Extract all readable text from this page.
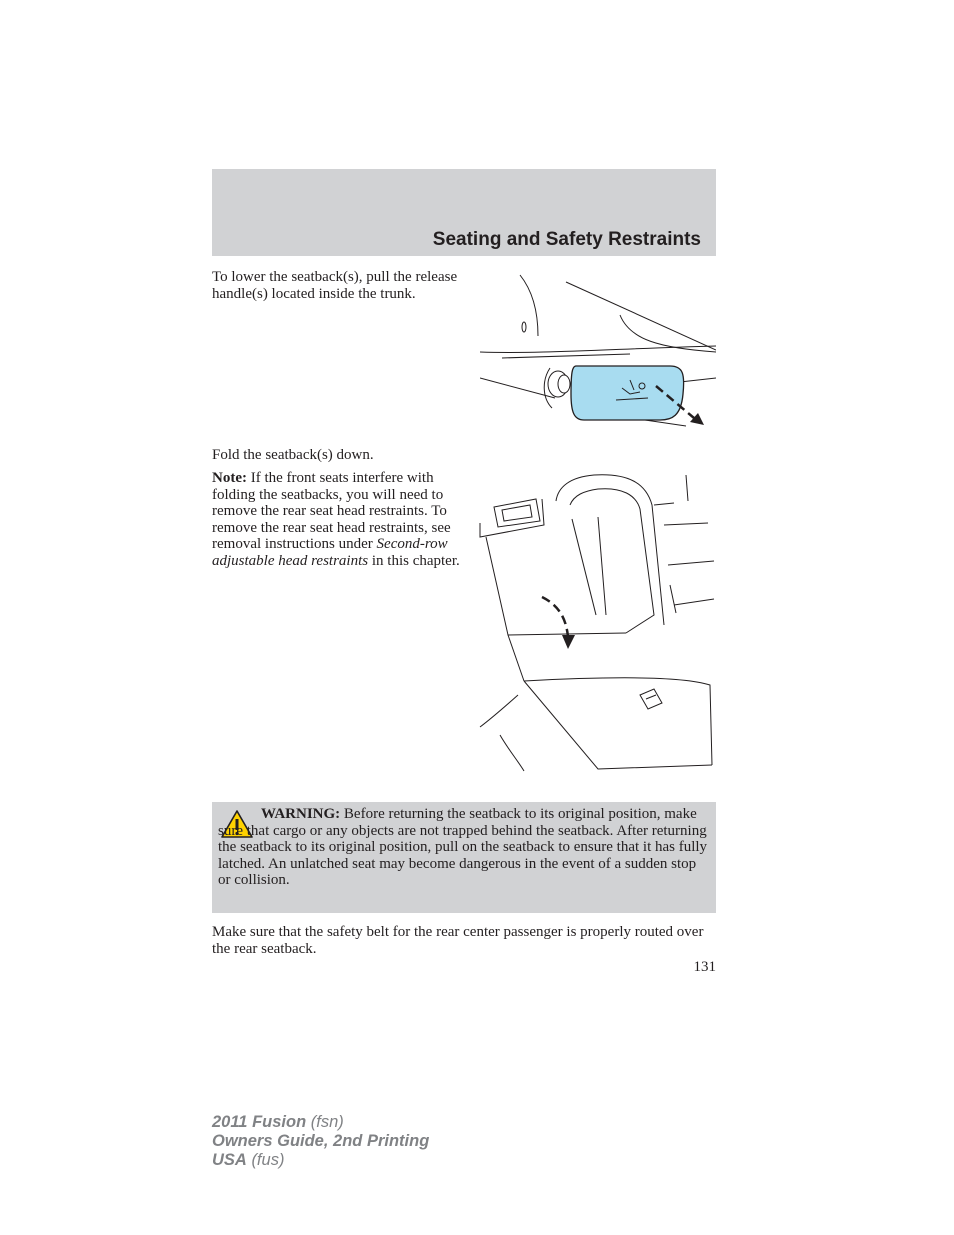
Seating and Safety Restraints

To lower the seatback(s), pull the release handle(s) located inside the trunk.

Fold the seatback(s) down.

Note: If the front seats interfere with folding the seatbacks, you will need to remove the rear seat head restraints. To remove the rear seat head restraints, see removal instructions under Second-row adjustable head restraints in this chapter.

WARNING: Before returning the seatback to its original position, make sure that cargo or any objects are not trapped behind the seatback. After returning the seatback to its original position, pull on the seatback to ensure that it has fully latched. An unlatched seat may become dangerous in the event of a sudden stop or collision.

Make sure that the safety belt for the rear center passenger is properly routed over the rear seatback.

131
2011 Fusion (fsn)
Owners Guide, 2nd Printing
USA (fus)
